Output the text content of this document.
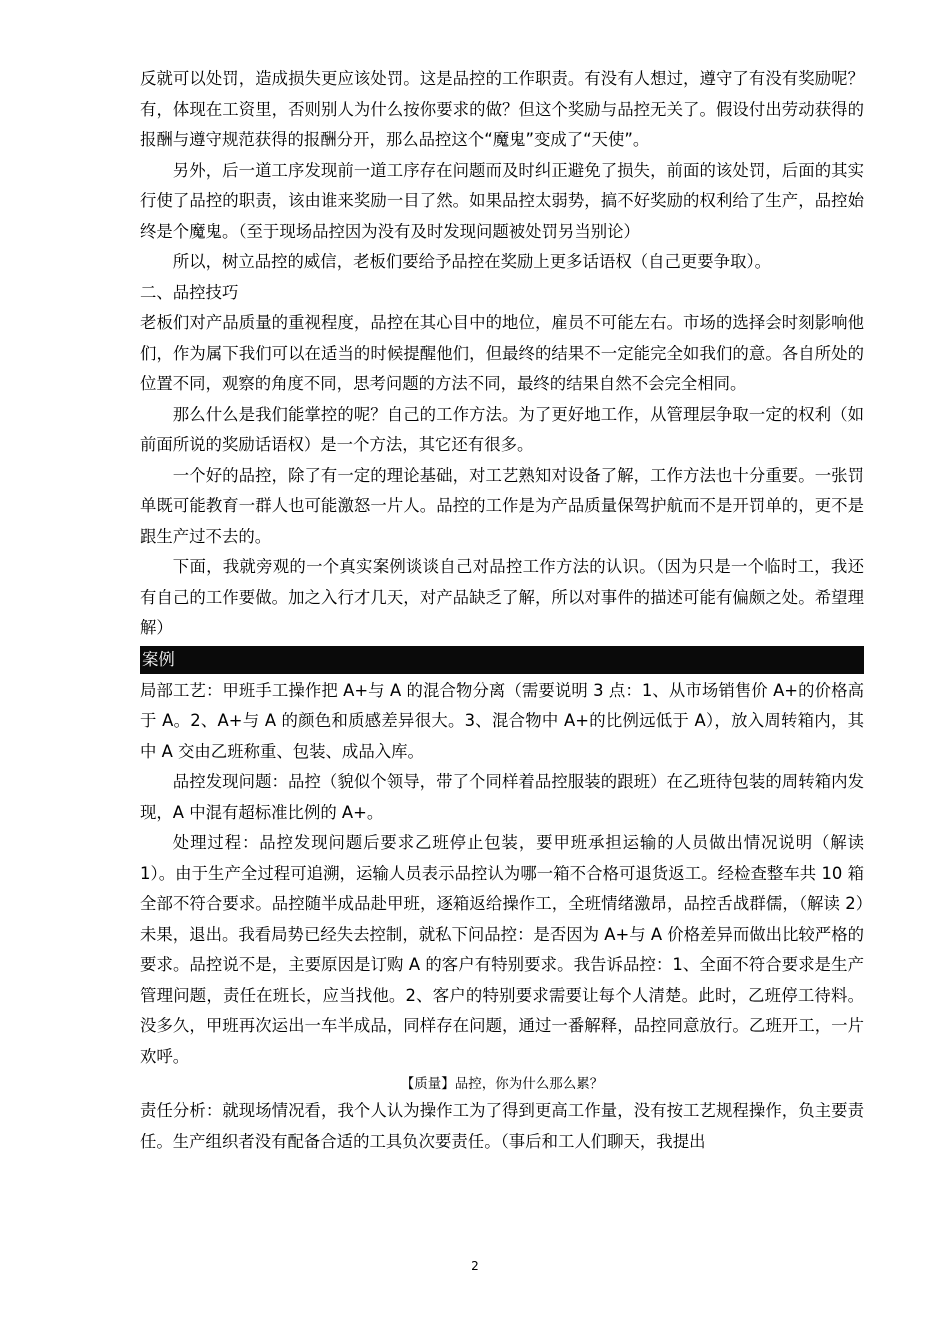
反就可以处罚，造成损失更应该处罚。这是品控的工作职责。有没有人想过，遵守了有没有奖励呢？有，体现在工资里，否则别人为什么按你要求的做？但这个奖励与品控无关了。假设付出劳动获得的报酬与遵守规范获得的报酬分开，那么品控这个“魔鬼”变成了“天使”。

另外，后一道工序发现前一道工序存在问题而及时纠正避免了损失，前面的该处罚，后面的其实行使了品控的职责，该由谁来奖励一目了然。如果品控太弱势，搞不好奖励的权利给了生产，品控始终是个魔鬼。（至于现场品控因为没有及时发现问题被处罚另当别论）

所以，树立品控的威信，老板们要给予品控在奖励上更多话语权（自己更要争取）。

二、品控技巧

老板们对产品质量的重视程度，品控在其心目中的地位，雇员不可能左右。市场的选择会时刻影响他们，作为属下我们可以在适当的时候提醒他们，但最终的结果不一定能完全如我们的意。各自所处的位置不同，观察的角度不同，思考问题的方法不同，最终的结果自然不会完全相同。

那么什么是我们能掌控的呢？自己的工作方法。为了更好地工作，从管理层争取一定的权利（如前面所说的奖励话语权）是一个方法，其它还有很多。

一个好的品控，除了有一定的理论基础，对工艺熟知对设备了解，工作方法也十分重要。一张罚单既可能教育一群人也可能激怒一片人。品控的工作是为产品质量保驾护航而不是开罚单的，更不是跟生产过不去的。

下面，我就旁观的一个真实案例谈谈自己对品控工作方法的认识。（因为只是一个临时工，我还有自己的工作要做。加之入行才几天，对产品缺乏了解，所以对事件的描述可能有偏颇之处。希望理解）

案例

局部工艺：甲班手工操作把 A+与 A 的混合物分离（需要说明 3 点：1、从市场销售价 A+的价格高于 A。2、A+与 A 的颜色和质感差异很大。3、混合物中 A+的比例远低于 A），放入周转箱内，其中 A 交由乙班称重、包装、成品入库。

品控发现问题：品控（貌似个领导，带了个同样着品控服装的跟班）在乙班待包装的周转箱内发现，A 中混有超标准比例的 A+。

处理过程：品控发现问题后要求乙班停止包装，要甲班承担运输的人员做出情况说明（解读 1）。由于生产全过程可追溯，运输人员表示品控认为哪一箱不合格可退货返工。经检查整车共 10 箱全部不符合要求。品控随半成品赴甲班，逐箱返给操作工，全班情绪激昂，品控舌战群儒，（解读 2）未果，退出。我看局势已经失去控制，就私下问品控：是否因为 A+与 A 价格差异而做出比较严格的要求。品控说不是，主要原因是订购 A 的客户有特别要求。我告诉品控：1、全面不符合要求是生产管理问题，责任在班长，应当找他。2、客户的特别要求需要让每个人清楚。此时，乙班停工待料。没多久，甲班再次运出一车半成品，同样存在问题，通过一番解释，品控同意放行。乙班开工，一片欢呼。

【质量】品控，你为什么那么累？

责任分析：就现场情况看，我个人认为操作工为了得到更高工作量，没有按工艺规程操作，负主要责任。生产组织者没有配备合适的工具负次要责任。（事后和工人们聊天，我提出

2
